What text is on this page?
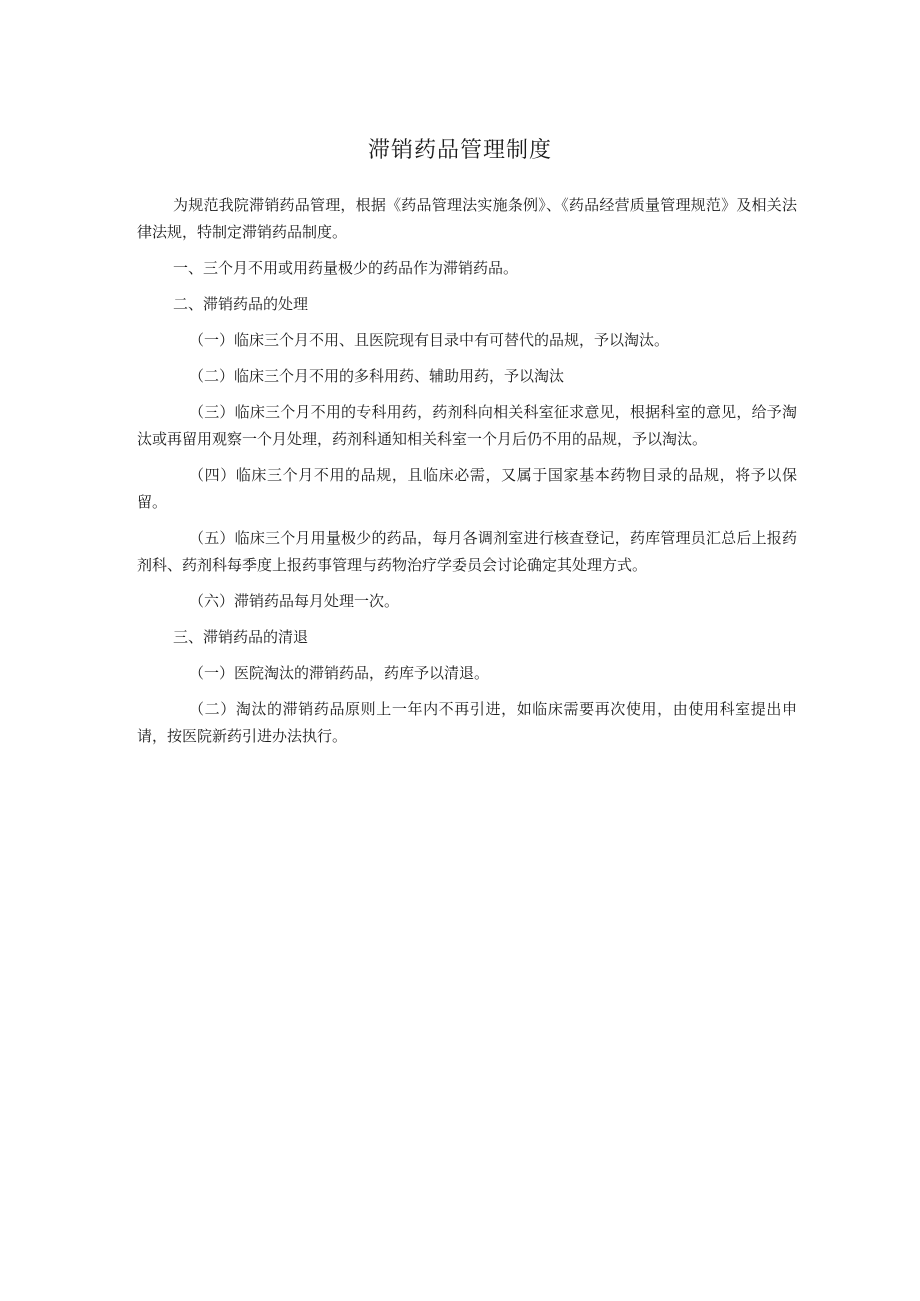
滞销药品管理制度

为规范我院滞销药品管理，根据《药品管理法实施条例》、《药品经营质量管理规范》及相关法律法规，特制定滞销药品制度。

一、三个月不用或用药量极少的药品作为滞销药品。

二、滞销药品的处理

（一）临床三个月不用、且医院现有目录中有可替代的品规，予以淘汰。

（二）临床三个月不用的多科用药、辅助用药，予以淘汰

（三）临床三个月不用的专科用药，药剂科向相关科室征求意见，根据科室的意见，给予淘汰或再留用观察一个月处理，药剂科通知相关科室一个月后仍不用的品规，予以淘汰。

（四）临床三个月不用的品规，且临床必需，又属于国家基本药物目录的品规，将予以保留。

（五）临床三个月用量极少的药品，每月各调剂室进行核查登记，药库管理员汇总后上报药剂科、药剂科每季度上报药事管理与药物治疗学委员会讨论确定其处理方式。

（六）滞销药品每月处理一次。

三、滞销药品的清退

（一）医院淘汰的滞销药品，药库予以清退。

（二）淘汰的滞销药品原则上一年内不再引进，如临床需要再次使用，由使用科室提出申请，按医院新药引进办法执行。
